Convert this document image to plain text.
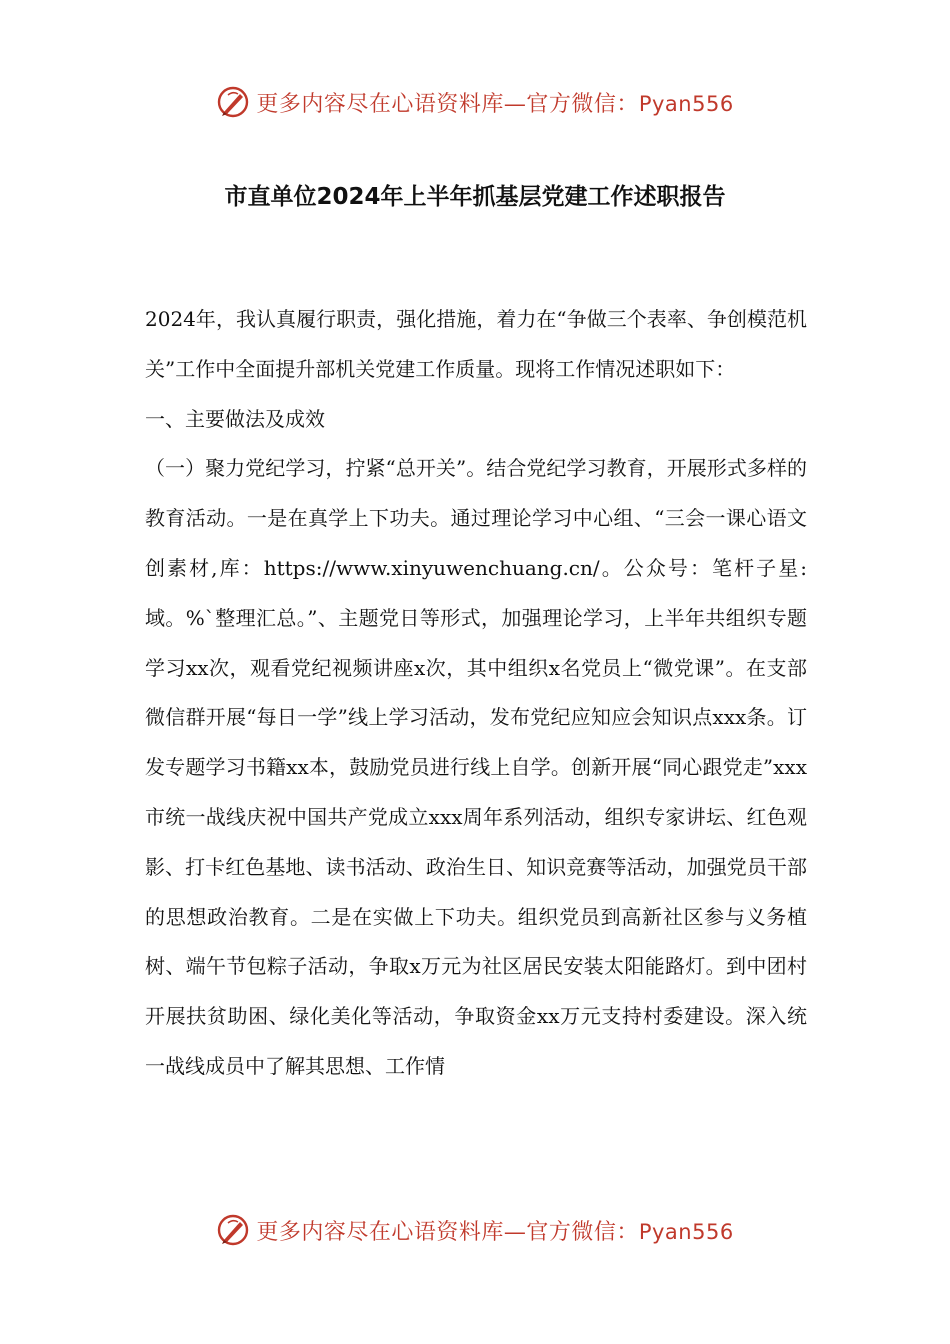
更多内容尽在心语资料库—官方微信：Pyan556
市直单位2024年上半年抓基层党建工作述职报告

2024年，我认真履行职责，强化措施，着力在“争做三个表率、争创模范机关”工作中全面提升部机关党建工作质量。现将工作情况述职如下：

一、主要做法及成效

（一）聚力党纪学习，拧紧“总开关”。结合党纪学习教育，开展形式多样的教育活动。一是在真学上下功夫。通过理论学习中心组、“三会一课心语文创素材,库：https://www.xinyuwenchuang.cn/。公众号：笔杆子星:域。%`整理汇总。”、主题党日等形式，加强理论学习，上半年共组织专题学习xx次，观看党纪视频讲座x次，其中组织x名党员上“微党课”。在支部微信群开展“每日一学”线上学习活动，发布党纪应知应会知识点xxx条。订发专题学习书籍xx本，鼓励党员进行线上自学。创新开展“同心跟党走”xxx市统一战线庆祝中国共产党成立xxx周年系列活动，组织专家讲坛、红色观影、打卡红色基地、读书活动、政治生日、知识竞赛等活动，加强党员干部的思想政治教育。二是在实做上下功夫。组织党员到高新社区参与义务植树、端午节包粽子活动，争取x万元为社区居民安装太阳能路灯。到中团村开展扶贫助困、绿化美化等活动，争取资金xx万元支持村委建设。深入统一战线成员中了解其思想、工作情

更多内容尽在心语资料库—官方微信：Pyan556
